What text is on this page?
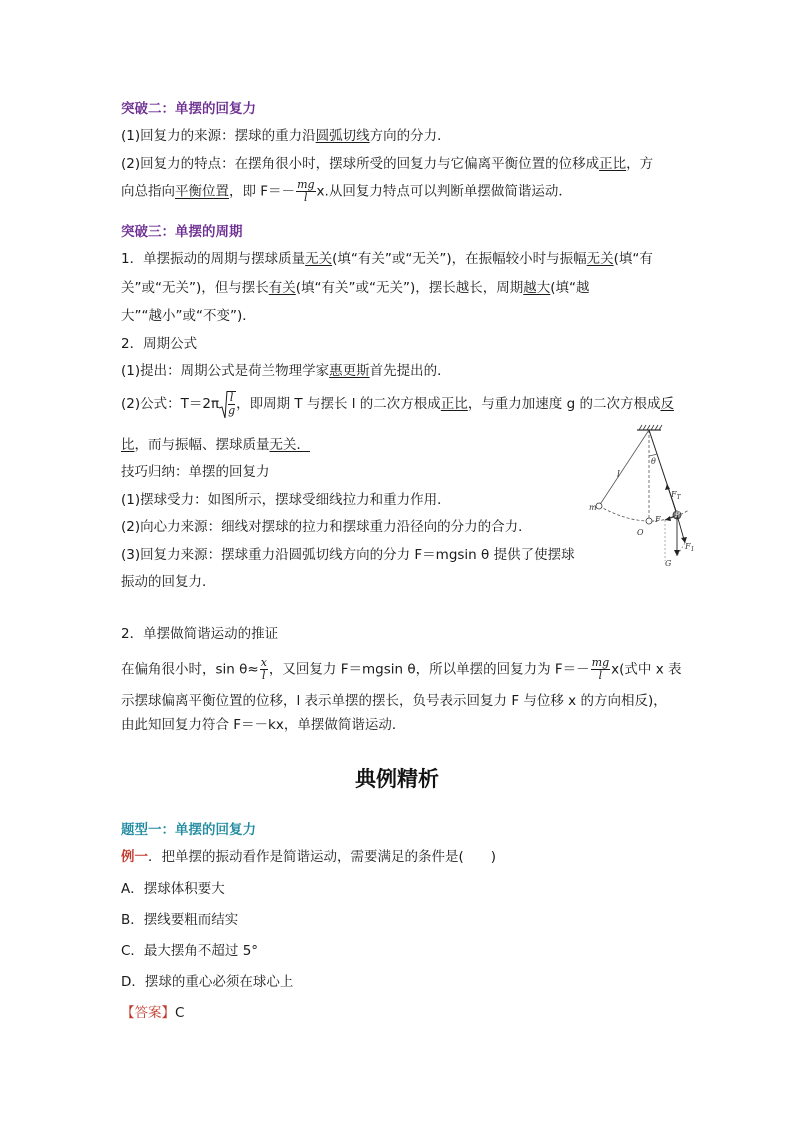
突破二：单摆的回复力
(1)回复力的来源：摆球的重力沿圆弧切线方向的分力．
(2)回复力的特点：在摆角很小时，摆球所受的回复力与它偏离平衡位置的位移成正比，方
向总指向平衡位置，即 $F=- \frac{mg}{l} x$.从回复力特点可以判断单摆做简谐运动．
突破三：单摆的周期
1．单摆振动的周期与摆球质量无关(填“有关”或“无关”)，在振幅较小时与振幅无关(填“有
关”或“无关”)，但与摆长有关(填“有关”或“无关”)，摆长越长，周期越大(填“越
大”“越小”或“不变”)．
2．周期公式
(1)提出：周期公式是荷兰物理学家惠更斯首先提出的．
(2)公式：$T=2\pi \frac{l}{g}$ ，即周期 T 与摆长 l 的二次方根成正比，与重力加速度 g 的二次方根成反
比，而与振幅、摆球质量无关．
技巧归纳：单摆的回复力
(1)摆球受力：如图所示，摆球受细线拉力和重力作用．
(2)向心力来源：细线对摆球的拉力和摆球重力沿径向的分力的合力．
(3)回复力来源：摆球重力沿圆弧切线方向的分力 F＝mgsin θ 提供了使摆球
振动的回复力．
l
θ
m
$F_T$
F P
O
$F_1$
G
2．单摆做简谐运动的推证
在偏角很小时，$\sin \theta\approx \frac{x}{l}$ ，又回复力 F＝mgsin θ，所以单摆的回复力为 $F=- \frac{mg}{l} x$(式中 x 表
示摆球偏离平衡位置的位移，l 表示单摆的摆长，负号表示回复力 F 与位移 x 的方向相反)，
由此知回复力符合 F＝－kx，单摆做简谐运动．
典例精析
题型一：单摆的回复力
例一．把单摆的振动看作是简谐运动，需要满足的条件是(　　)
A．摆球体积要大
B．摆线要粗而结实
C．最大摆角不超过 5°
D．摆球的重心必须在球心上
【答案】C
